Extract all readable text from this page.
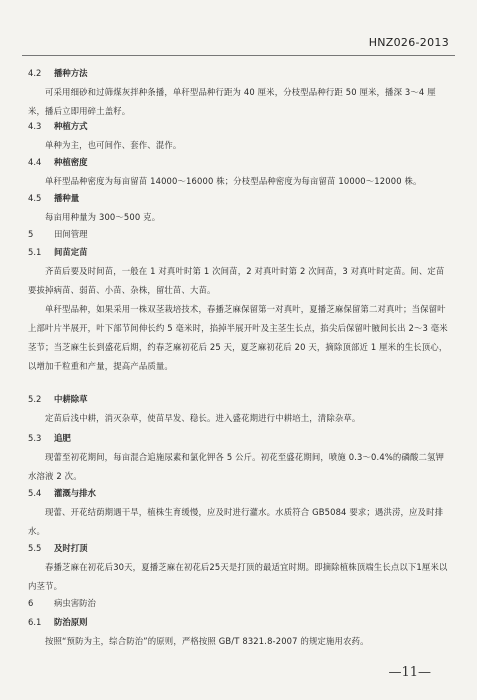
HNZ026-2013
4.2 播种方法
可采用细砂和过筛煤灰拌种条播，单秆型品种行距为 40 厘米，分枝型品种行距 50 厘米，播深 3～4 厘米，播后立即用碎土盖籽。
4.3 种植方式
单种为主，也可间作、套作、混作。
4.4 种植密度
单秆型品种密度为每亩留苗 14000～16000 株；分枝型品种密度为每亩留苗 10000～12000 株。
4.5 播种量
每亩用种量为 300～500 克。
5 田间管理
5.1 间苗定苗
齐苗后要及时间苗，一般在 1 对真叶时第 1 次间苗，2 对真叶时第 2 次间苗，3 对真叶时定苗。间、定苗要拔掉病苗、弱苗、小苗、杂株，留壮苗、大苗。
单秆型品种，如果采用一株双茎栽培技术，春播芝麻保留第一对真叶，夏播芝麻保留第二对真叶；当保留叶上部叶片半展开，叶下部节间伸长约 5 毫米时，掐掉半展开叶及主茎生长点，掐尖后保留叶腋间长出 2～3 毫米茎节；当芝麻生长到盛花后期，约春芝麻初花后 25 天，夏芝麻初花后 20 天，摘除顶部近 1 厘米的生长顶心，以增加千粒重和产量，提高产品质量。
5.2 中耕除草
定苗后浅中耕，消灭杂草，使苗早发、稳长。进入盛花期进行中耕培土，清除杂草。
5.3 追肥
现蕾至初花期间，每亩混合追施尿素和氯化钾各 5 公斤。初花至盛花期间，喷施 0.3～0.4%的磷酸二氢钾水溶液 2 次。
5.4 灌溉与排水
现蕾、开花结荫期遇干旱，植株生育缓慢，应及时进行灌水。水质符合 GB5084 要求；遇洪涝，应及时排水。
5.5 及时打顶
春播芝麻在初花后30天，夏播芝麻在初花后25天是打顶的最适宜时期。即摘除植株顶端生长点以下1厘米以内茎节。
6 病虫害防治
6.1 防治原则
按照“预防为主，综合防治”的原则，严格按照 GB/T 8321.8-2007 的规定施用农药。
—11—
